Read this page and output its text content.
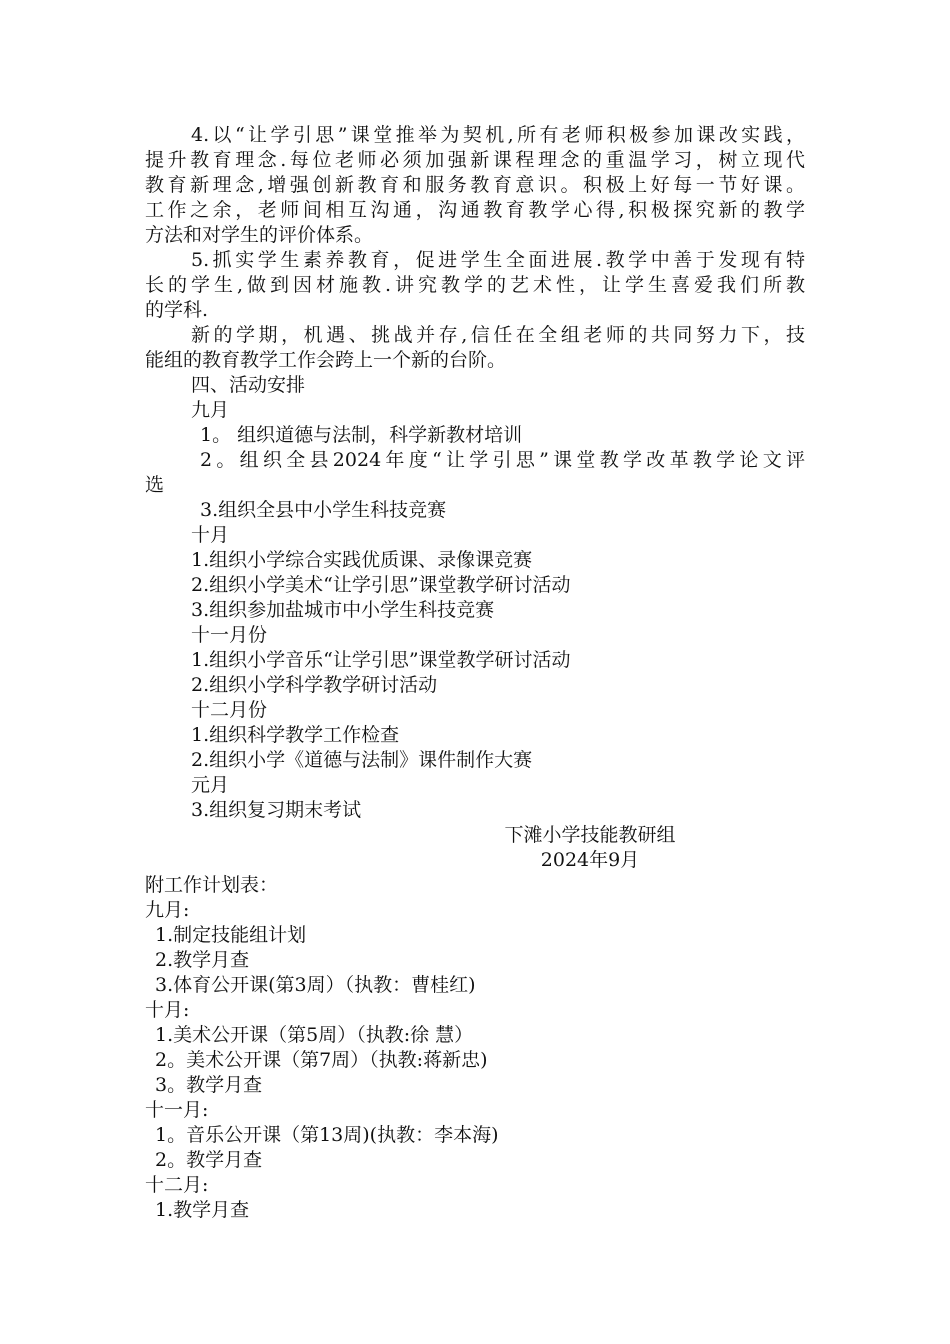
4.以“让学引思”课堂推举为契机,所有老师积极参加课改实践，
提升教育理念.每位老师必须加强新课程理念的重温学习，树立现代
教育新理念,增强创新教育和服务教育意识。积极上好每一节好课。
工作之余，老师间相互沟通，沟通教育教学心得,积极探究新的教学
方法和对学生的评价体系。
5.抓实学生素养教育，促进学生全面进展.教学中善于发现有特
长的学生,做到因材施教.讲究教学的艺术性，让学生喜爱我们所教
的学科.
新的学期，机遇、挑战并存,信任在全组老师的共同努力下，技
能组的教育教学工作会跨上一个新的台阶。
四、活动安排
九月
1。 组织道德与法制，科学新教材培训
2。组织全县2024年度“让学引思”课堂教学改革教学论文评
选
3.组织全县中小学生科技竞赛
十月
1.组织小学综合实践优质课、录像课竞赛
2.组织小学美术“让学引思”课堂教学研讨活动
3.组织参加盐城市中小学生科技竞赛
十一月份
1.组织小学音乐“让学引思”课堂教学研讨活动
2.组织小学科学教学研讨活动
十二月份
1.组织科学教学工作检查
2.组织小学《道德与法制》课件制作大赛
元月
3.组织复习期末考试
下滩小学技能教研组
2024年9月
附工作计划表：
九月:
1.制定技能组计划
2.教学月查
3.体育公开课(第3周）（执教：曹桂红)
十月:
1.美术公开课（第5周）（执教:徐 慧）
2。美术公开课（第7周）（执教:蒋新忠)
3。教学月查
十一月:
1。音乐公开课（第13周)(执教：李本海)
2。教学月查
十二月:
1.教学月查
